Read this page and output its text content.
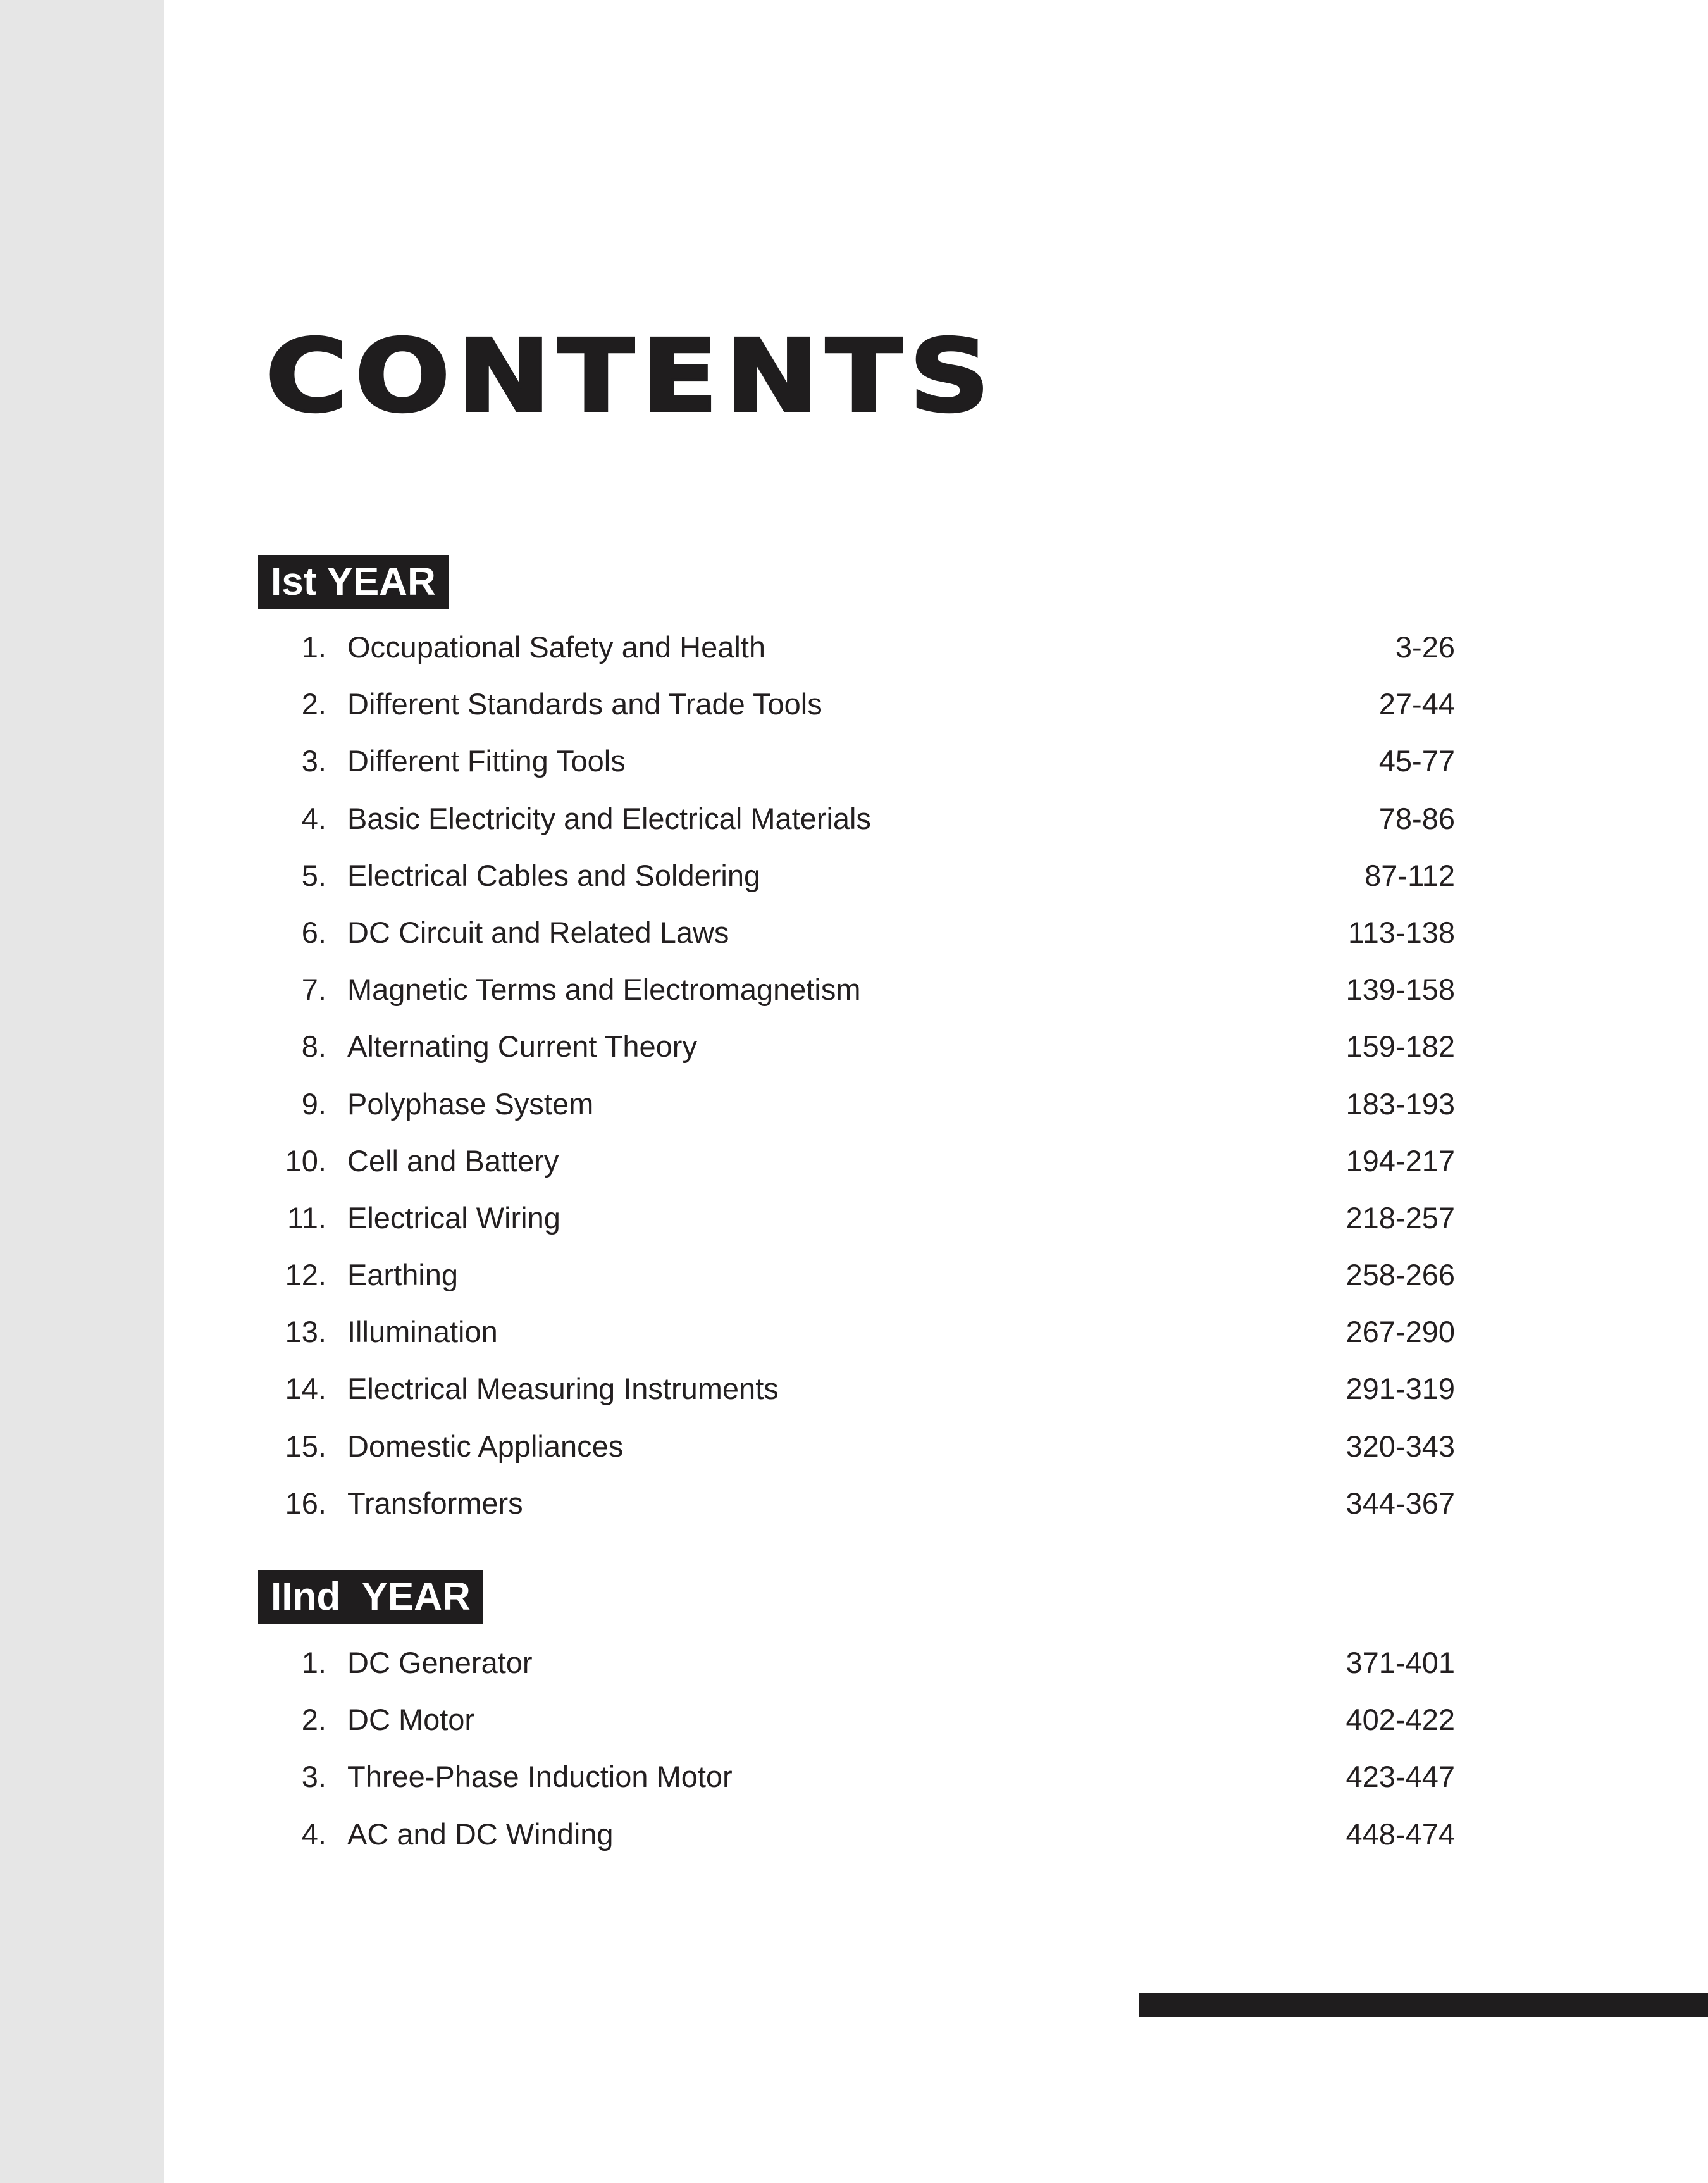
CONTENTS
Ist YEAR
1. Occupational Safety and Health	3-26
2. Different Standards and Trade Tools	27-44
3. Different Fitting Tools	45-77
4. Basic Electricity and Electrical Materials	78-86
5. Electrical Cables and Soldering	87-112
6. DC Circuit and Related Laws	113-138
7. Magnetic Terms and Electromagnetism	139-158
8. Alternating Current Theory	159-182
9. Polyphase System	183-193
10. Cell and Battery	194-217
11. Electrical Wiring	218-257
12. Earthing	258-266
13. Illumination	267-290
14. Electrical Measuring Instruments	291-319
15. Domestic Appliances	320-343
16. Transformers	344-367
IInd  YEAR
1. DC Generator	371-401
2. DC Motor	402-422
3. Three-Phase Induction Motor	423-447
4. AC and DC Winding	448-474
